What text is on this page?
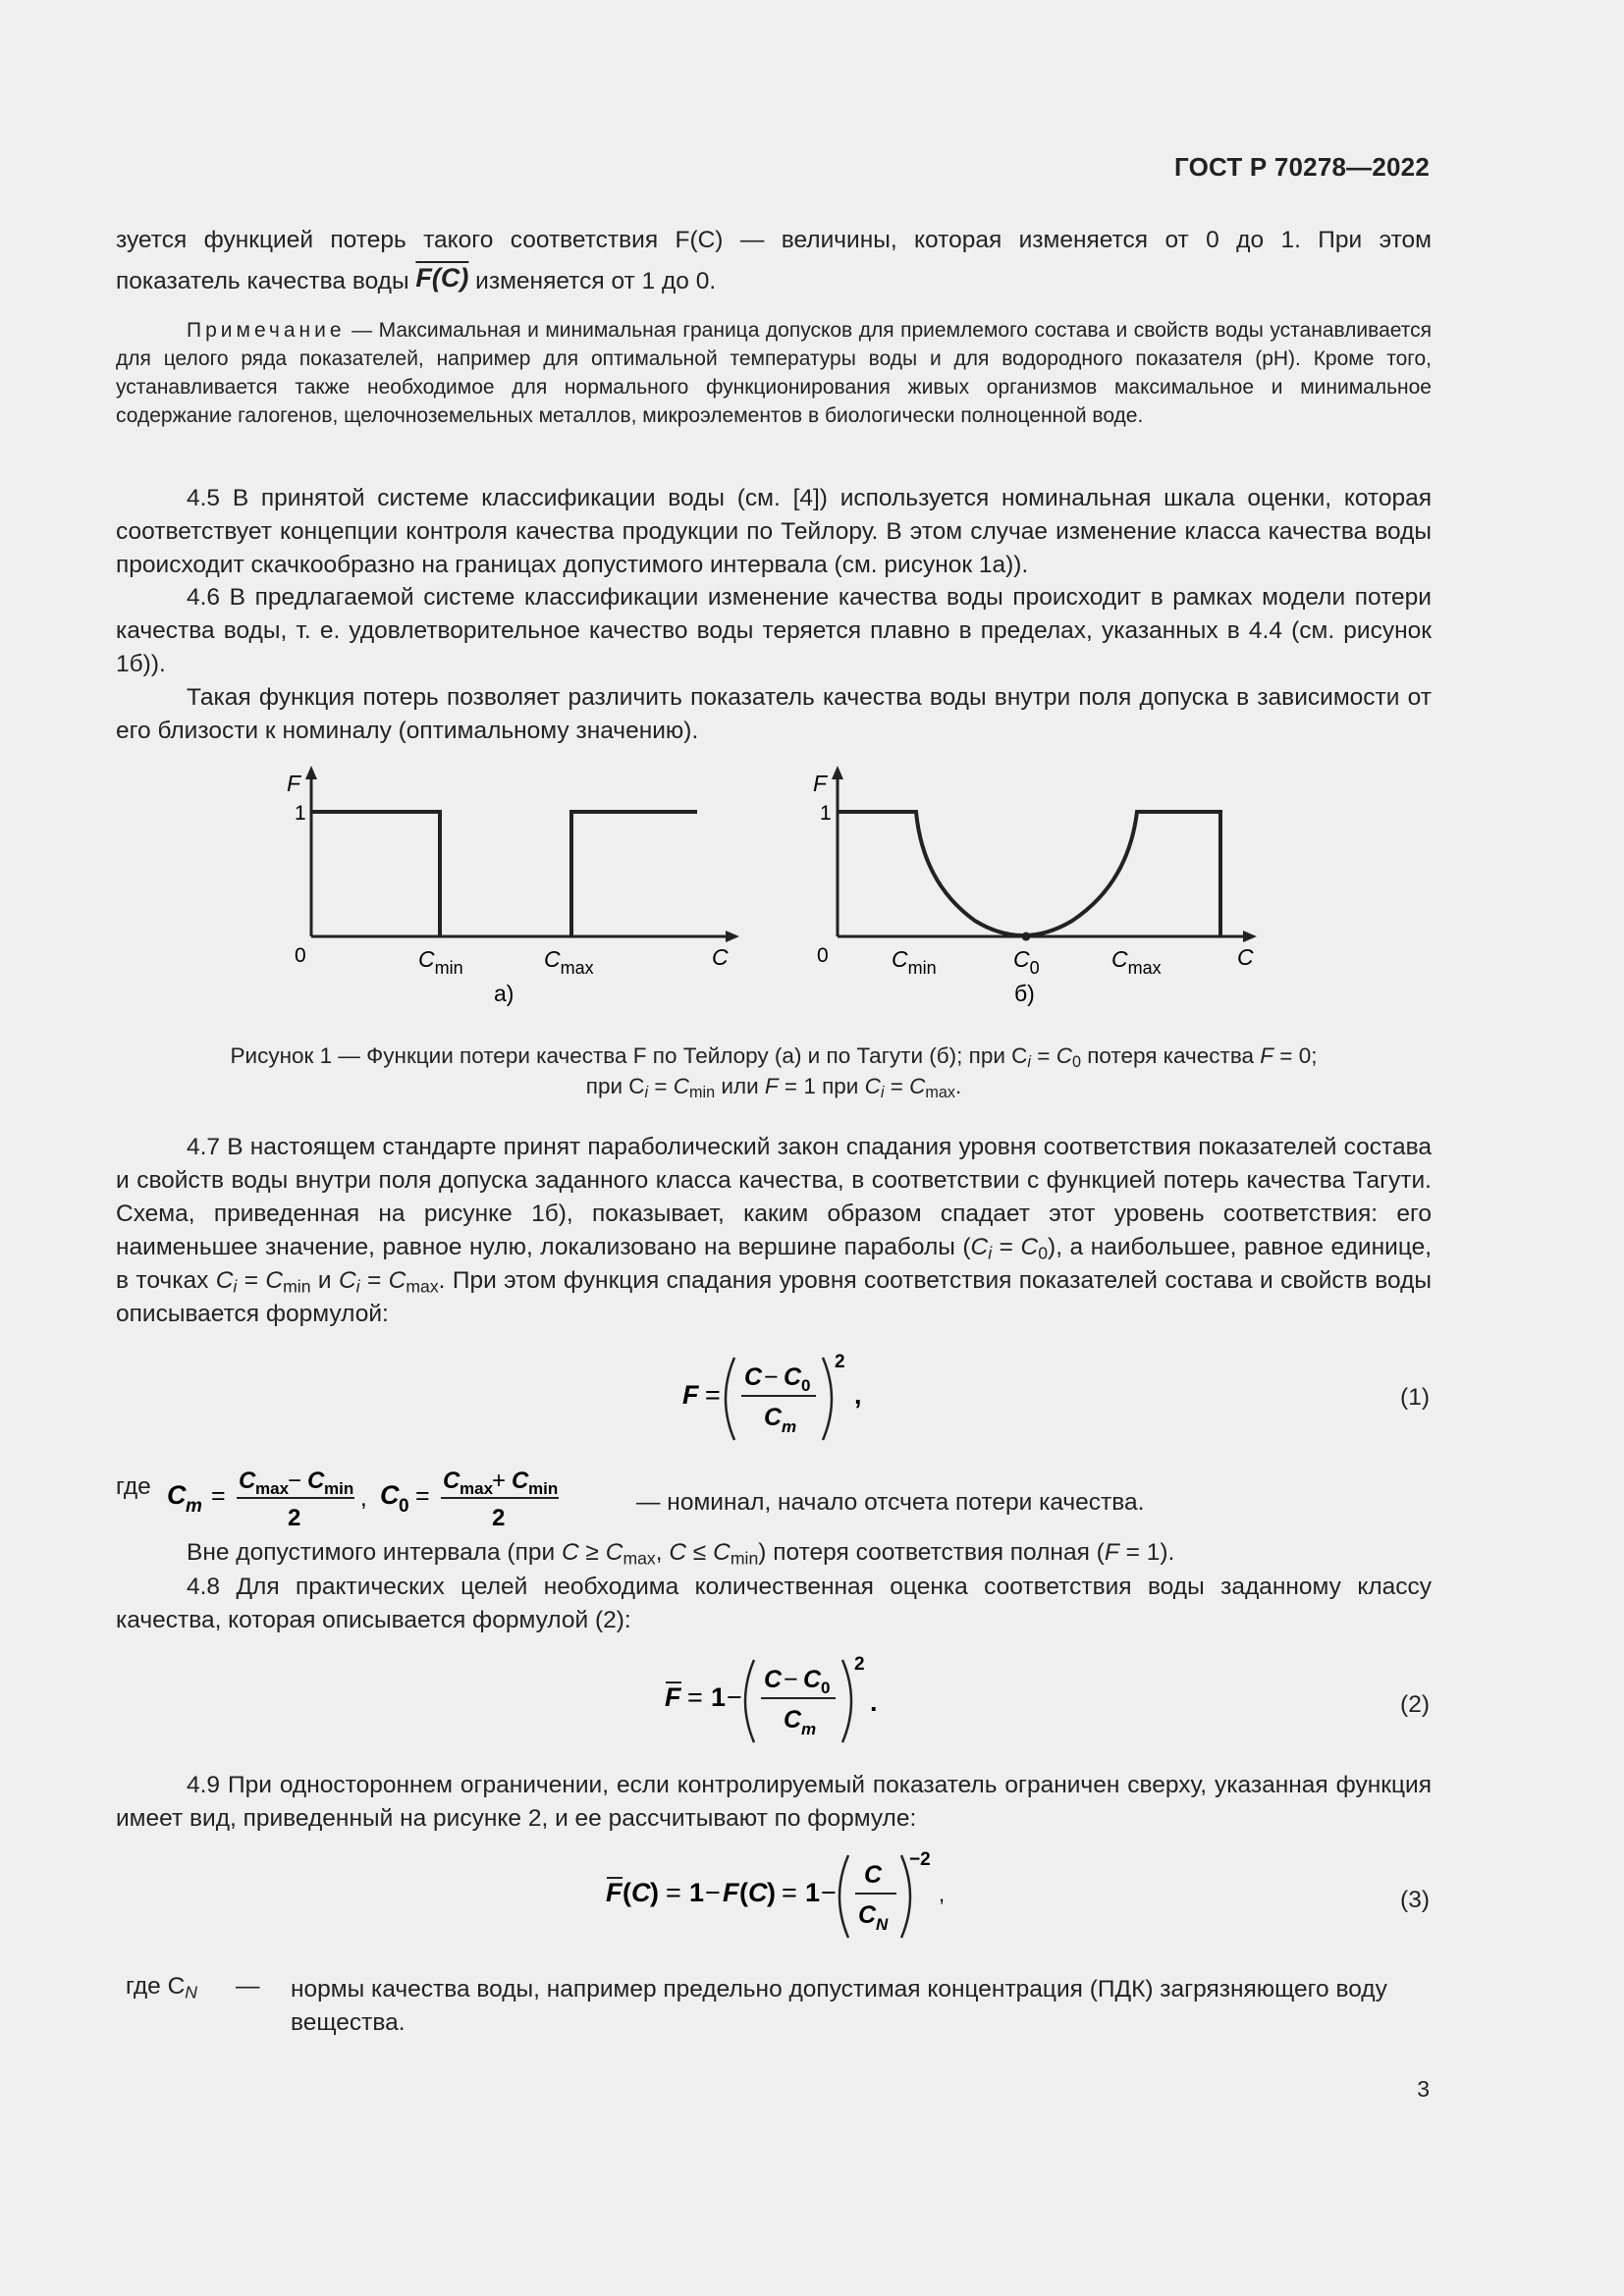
ГОСТ Р 70278—2022
зуется функцией потерь такого соответствия F(C) — величины, которая изменяется от 0 до 1. При этом
показатель качества воды F(C) изменяется от 1 до 0.
Примечание — Максимальная и минимальная граница допусков для приемлемого состава и свойств воды устанавливается для целого ряда показателей, например для оптимальной температуры воды и для водородного показателя (pH). Кроме того, устанавливается также необходимое для нормального функционирования живых организмов максимальное и минимальное содержание галогенов, щелочноземельных металлов, микроэлементов в биологически полноценной воде.
4.5 В принятой системе классификации воды (см. [4]) используется номинальная шкала оценки, которая соответствует концепции контроля качества продукции по Тейлору. В этом случае изменение класса качества воды происходит скачкообразно на границах допустимого интервала (см. рисунок 1а)).
4.6 В предлагаемой системе классификации изменение качества воды происходит в рамках модели потери качества воды, т. е. удовлетворительное качество воды теряется плавно в пределах, указанных в 4.4 (см. рисунок 1б)).
Такая функция потерь позволяет различить показатель качества воды внутри поля допуска в зависимости от его близости к номиналу (оптимальному значению).
F
1
0	$C_{min}$	$C_{max}$	C
а)
F
1
0	$C_{min}$	$C_0$	$C_{max}$	C
б)
Рисунок 1 — Функции потери качества F по Тейлору (а) и по Тагути (б); при $C_i = C_0$ потеря качества F = 0;
при $C_i = C_{min}$ или F = 1 при $C_i = C_{max}$.
4.7 В настоящем стандарте принят параболический закон спадания уровня соответствия показателей состава и свойств воды внутри поля допуска заданного класса качества, в соответствии с функцией потерь качества Тагути. Схема, приведенная на рисунке 1б), показывает, каким образом спадает этот уровень соответствия: его наименьшее значение, равное нулю, локализовано на вершине параболы $(C_i = C_0)$, а наибольшее, равное единице, в точках $C_i = C_{min}$ и $C_i = C_{max}$. При этом функция спадания уровня соответствия показателей состава и свойств воды описывается формулой:
F =
C − C 0
C m
2
,	(1)
где C m =
C max
− C min
2
, C 0 =
C max
+ C min
2
— номинал, начало отсчета потери качества.
Вне допустимого интервала (при $C \ge C_{max}$, $C \le C_{min}$) потеря соответствия полная (F = 1).
4.8 Для практических целей необходима количественная оценка соответствия воды заданному классу качества, которая описывается формулой (2):
F = 1 −
C − C 0
C m
2
.	(2)
4.9 При одностороннем ограничении, если контролируемый показатель ограничен сверху, указанная функция имеет вид, приведенный на рисунке 2, и ее рассчитывают по формуле:
F ( C ) = 1 − F ( C ) = 1 −
C
C N
−2
,	(3)
где $C_N$ — нормы качества воды, например предельно допустимая концентрация (ПДК) загрязняющего воду вещества.
3
